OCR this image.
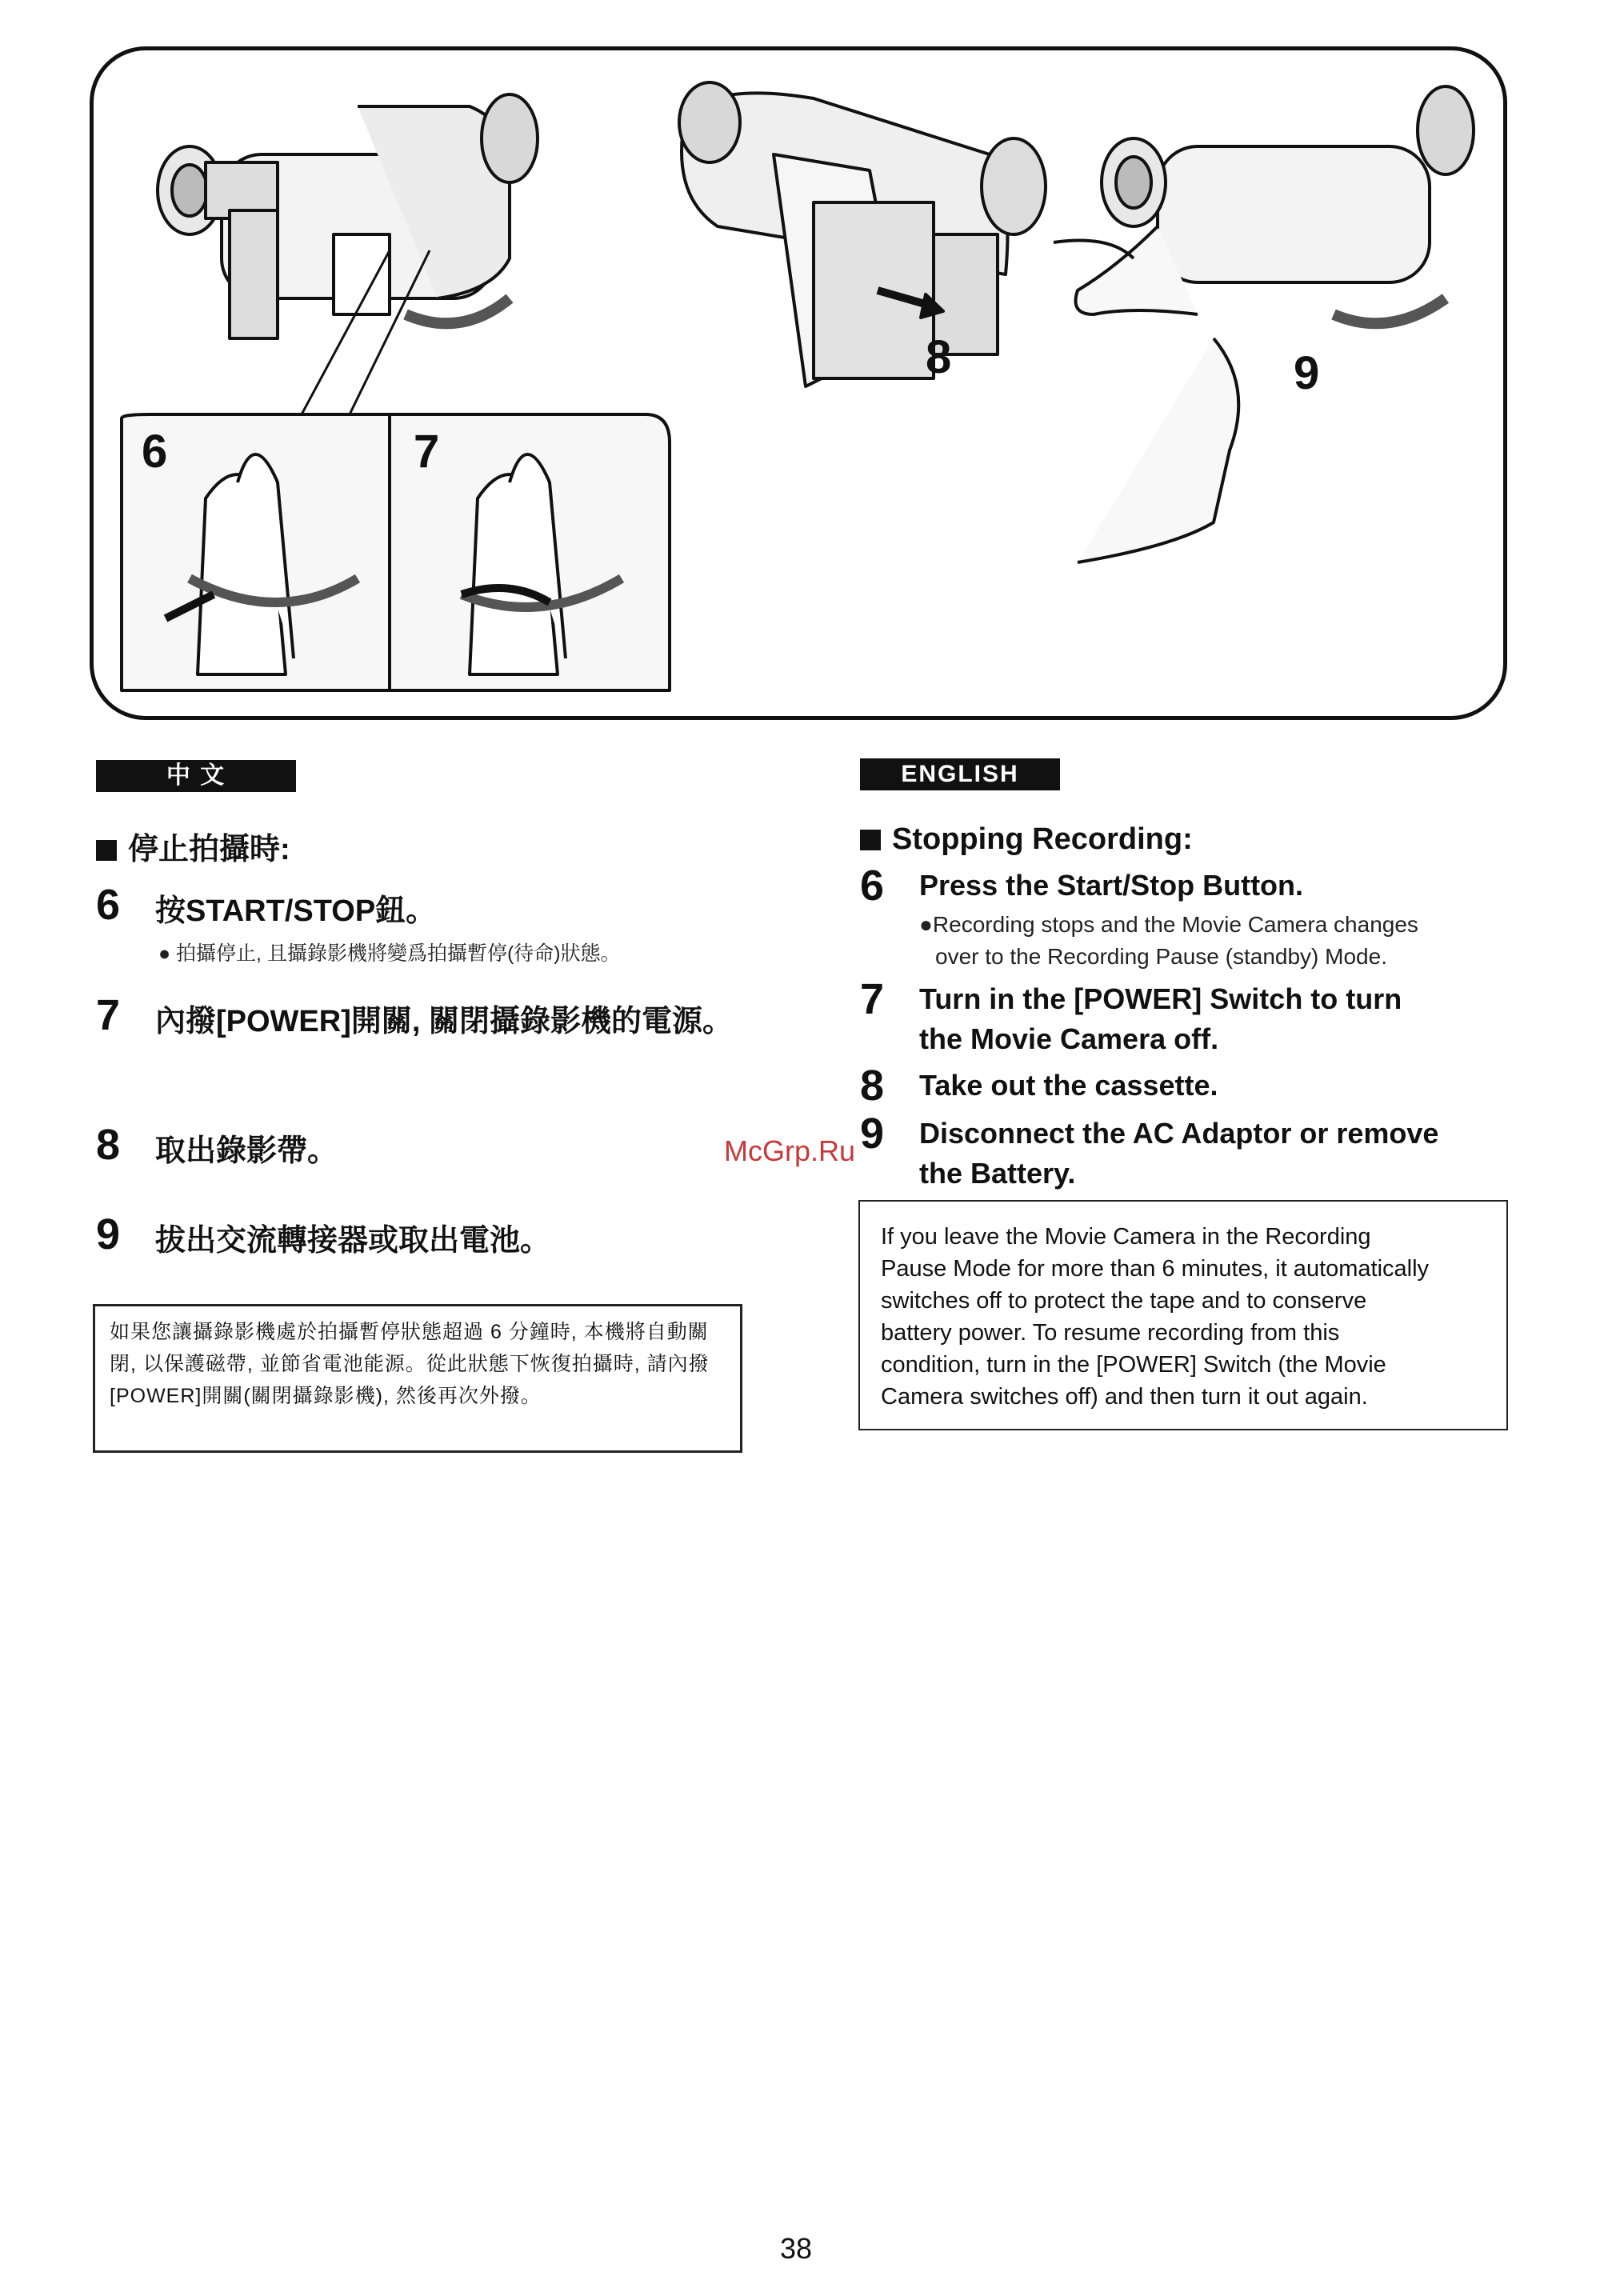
6	7
8	9
中 文
停止拍攝時:
6 按START/STOP鈕。
● 拍攝停止, 且攝錄影機將變爲拍攝暫停(待命)狀態。
7 內撥[POWER]開關, 關閉攝錄影機的電源。
8 取出錄影帶。
9 拔出交流轉接器或取出電池。

如果您讓攝錄影機處於拍攝暫停狀態超過 6 分鐘時, 本機將自動關閉, 以保護磁帶, 並節省電池能源。從此狀態下恢復拍攝時, 請內撥[POWER]開關(關閉攝錄影機), 然後再次外撥。

ENGLISH
Stopping Recording:
6 Press the Start/Stop Button.
●Recording stops and the Movie Camera changes
over to the Recording Pause (standby) Mode.
7 Turn in the [POWER] Switch to turn
the Movie Camera off.
8 Take out the cassette.
9 Disconnect the AC Adaptor or remove
the Battery.

If you leave the Movie Camera in the Recording

Pause Mode for more than 6 minutes, it automatically

switches off to protect the tape and to conserve

battery power. To resume recording from this

condition, turn in the [POWER] Switch (the Movie

Camera switches off) and then turn it out again.

McGrp.Ru
38
